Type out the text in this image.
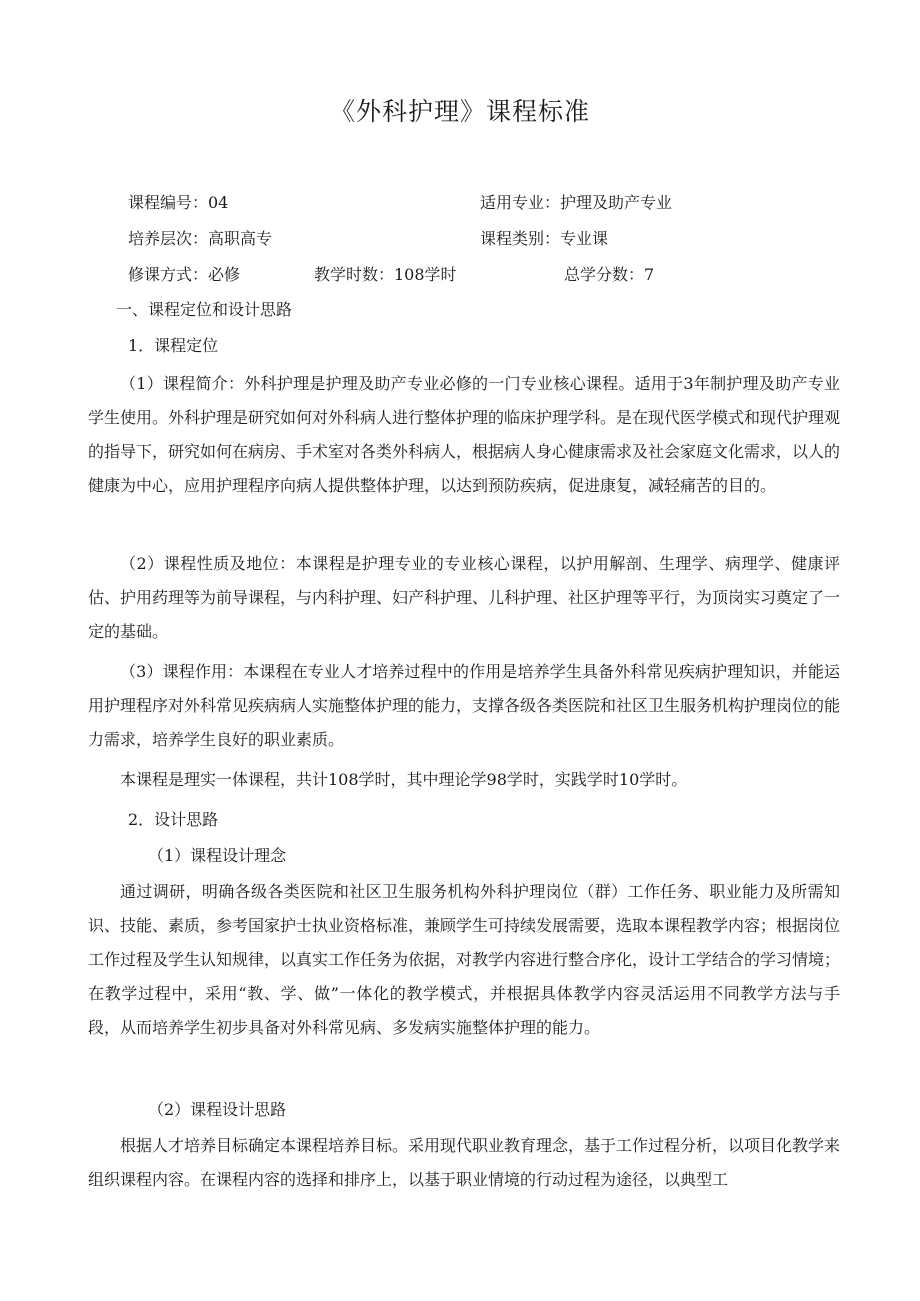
《外科护理》课程标准
课程编号：04	适用专业：护理及助产专业
培养层次：高职高专	课程类别：专业课
修课方式：必修	教学时数：108学时	总学分数：7
一、课程定位和设计思路
1．课程定位
（1）课程简介：外科护理是护理及助产专业必修的一门专业核心课程。适用于3年制护理及助产专业学生使用。外科护理是研究如何对外科病人进行整体护理的临床护理学科。是在现代医学模式和现代护理观的指导下，研究如何在病房、手术室对各类外科病人，根据病人身心健康需求及社会家庭文化需求，以人的健康为中心，应用护理程序向病人提供整体护理，以达到预防疾病，促进康复，减轻痛苦的目的。
（2）课程性质及地位：本课程是护理专业的专业核心课程，以护用解剖、生理学、病理学、健康评估、护用药理等为前导课程，与内科护理、妇产科护理、儿科护理、社区护理等平行，为顶岗实习奠定了一定的基础。
（3）课程作用：本课程在专业人才培养过程中的作用是培养学生具备外科常见疾病护理知识，并能运用护理程序对外科常见疾病病人实施整体护理的能力，支撑各级各类医院和社区卫生服务机构护理岗位的能力需求，培养学生良好的职业素质。
本课程是理实一体课程，共计108学时，其中理论学98学时，实践学时10学时。
2．设计思路
（1）课程设计理念
通过调研，明确各级各类医院和社区卫生服务机构外科护理岗位（群）工作任务、职业能力及所需知识、技能、素质，参考国家护士执业资格标准，兼顾学生可持续发展需要，选取本课程教学内容；根据岗位工作过程及学生认知规律，以真实工作任务为依据，对教学内容进行整合序化，设计工学结合的学习情境；在教学过程中，采用“教、学、做”一体化的教学模式，并根据具体教学内容灵活运用不同教学方法与手段，从而培养学生初步具备对外科常见病、多发病实施整体护理的能力。
（2）课程设计思路
根据人才培养目标确定本课程培养目标。采用现代职业教育理念，基于工作过程分析，以项目化教学来组织课程内容。在课程内容的选择和排序上，以基于职业情境的行动过程为途径，以典型工
